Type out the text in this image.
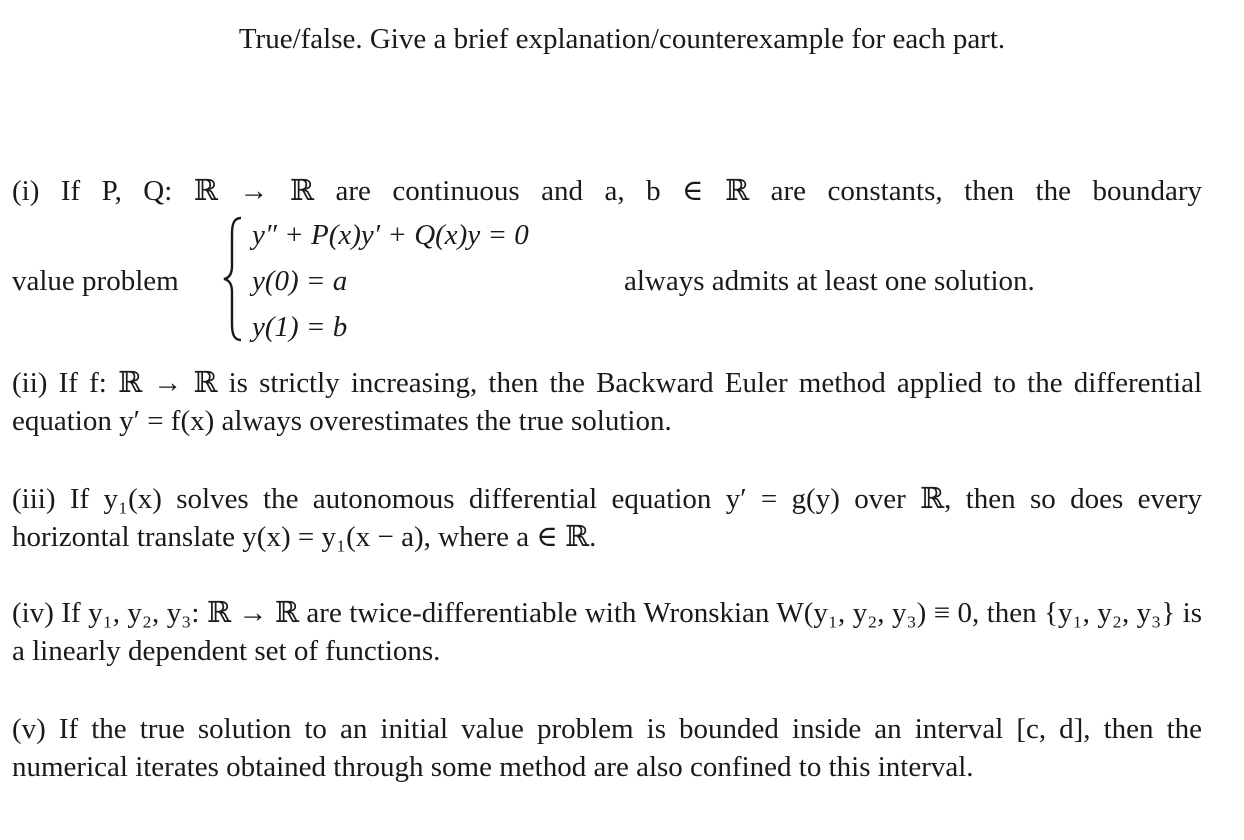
True/false. Give a brief explanation/counterexample for each part.
(i) If P, Q: ℝ → ℝ are continuous and a, b ∈ ℝ are constants, then the boundary
value problem
y″ + P(x)y′ + Q(x)y = 0
y(0) = a
y(1) = b
always admits at least one solution.
(ii) If f: ℝ → ℝ is strictly increasing, then the Backward Euler method applied to the differential equation y′ = f(x) always overestimates the true solution.
(iii) If y₁(x) solves the autonomous differential equation y′ = g(y) over ℝ, then so does every horizontal translate y(x) = y₁(x − a), where a ∈ ℝ.
(iv) If y₁, y₂, y₃: ℝ → ℝ are twice-differentiable with Wronskian W(y₁, y₂, y₃) ≡ 0, then {y₁, y₂, y₃} is a linearly dependent set of functions.
(v) If the true solution to an initial value problem is bounded inside an interval [c, d], then the numerical iterates obtained through some method are also confined to this interval.
